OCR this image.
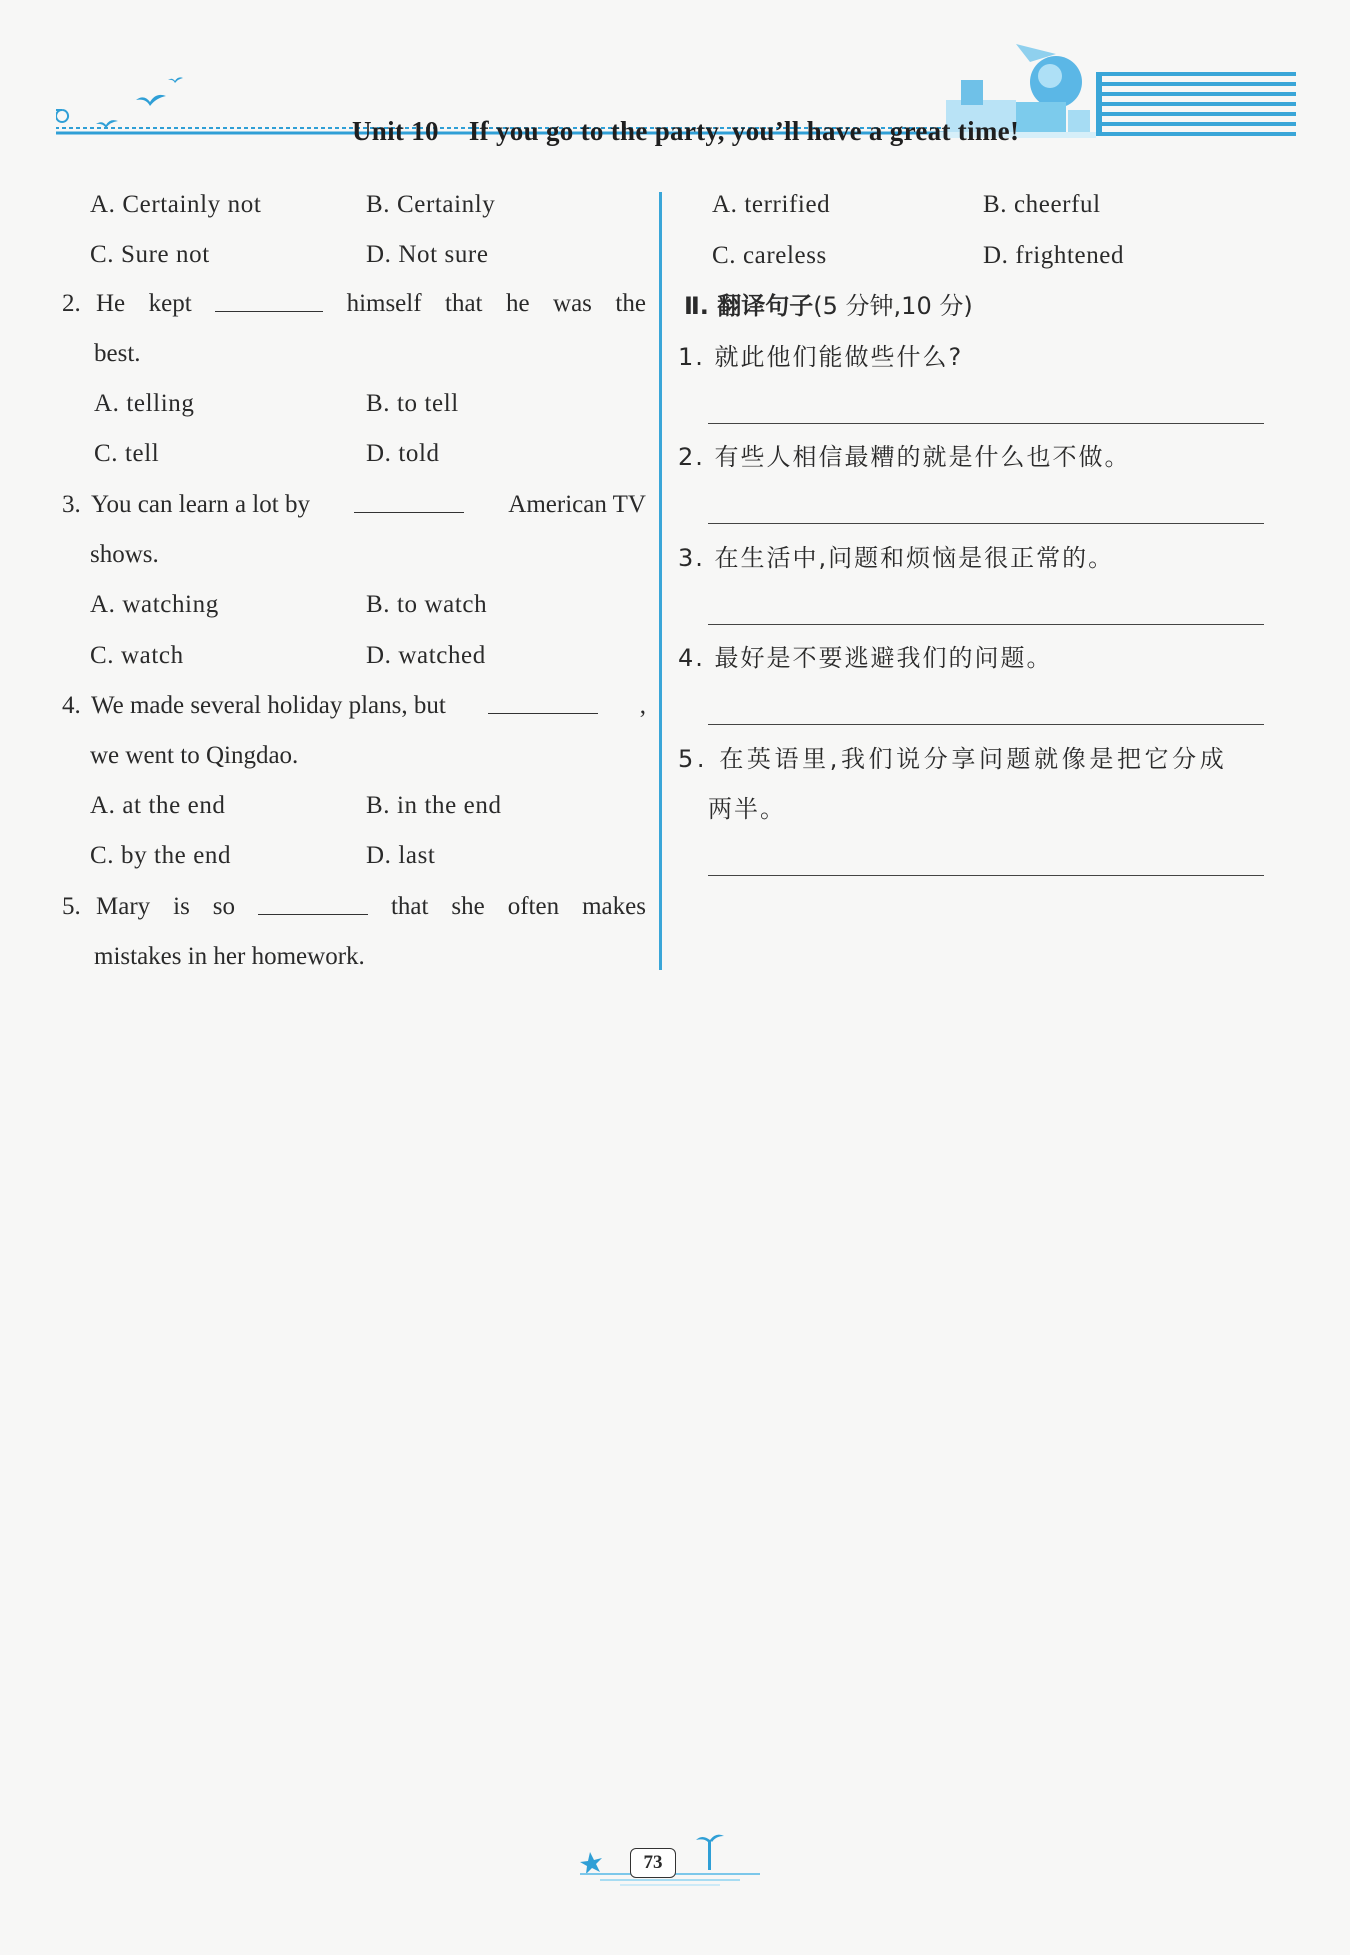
Unit 10 If you go to the party, you’ll have a great time!
A. Certainly not	B. Certainly
C. Sure not	D. Not sure
2. He kept	himself that he was the
best.
A. telling	B. to tell
C. tell	D. told
3. You can learn a lot by	American TV
shows.
A. watching	B. to watch
C. watch	D. watched
4. We made several holiday plans, but	,
we went to Qingdao.
A. at the end	B. in the end
C. by the end	D. last
5. Mary is so	that she often makes
mistakes in her homework.
A. terrified	B. cheerful
C. careless	D. frightened
Ⅱ. 翻译句子(5 分钟,10 分)
1. 就此他们能做些什么?
2. 有些人相信最糟的就是什么也不做。
3. 在生活中,问题和烦恼是很正常的。
4. 最好是不要逃避我们的问题。
5. 在英语里,我们说分享问题就像是把它分成
两半。
73
